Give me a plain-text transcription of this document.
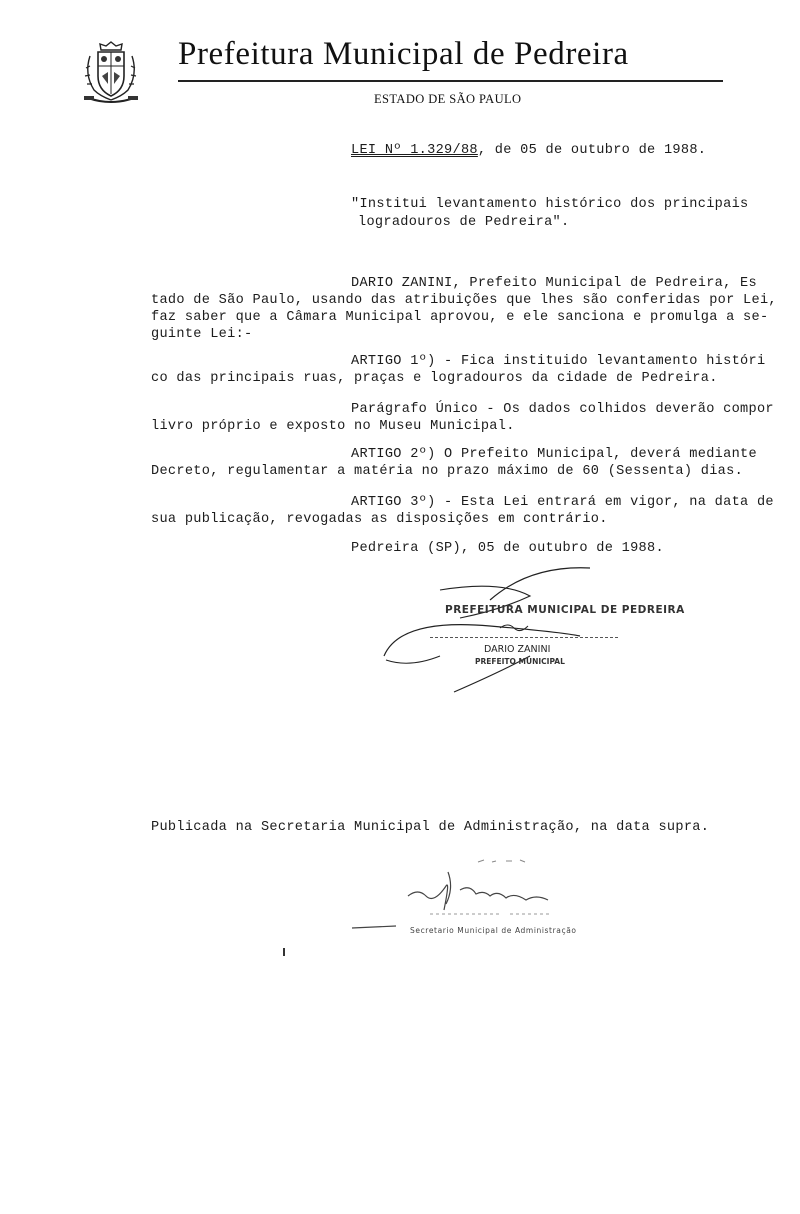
Prefeitura Municipal de Pedreira
ESTADO DE SÃO PAULO
LEI Nº 1.329/88, de 05 de outubro de 1988.
"Institui levantamento histórico dos principais
logradouros de Pedreira".
DARIO ZANINI, Prefeito Municipal de Pedreira, Es
tado de São Paulo, usando das atribuições que lhes são conferidas por Lei,
faz saber que a Câmara Municipal aprovou, e ele sanciona e promulga a se-
guinte Lei:-
ARTIGO 1º) - Fica instituido levantamento históri
co das principais ruas, praças e logradouros da cidade de Pedreira.
Parágrafo Único - Os dados colhidos deverão compor
livro próprio e exposto no Museu Municipal.
ARTIGO 2º) O Prefeito Municipal, deverá mediante
Decreto, regulamentar a matéria no prazo máximo de 60 (Sessenta) dias.
ARTIGO 3º) - Esta Lei entrará em vigor, na data de
sua publicação, revogadas as disposições em contrário.
Pedreira (SP), 05 de outubro de 1988.
PREFEITURA MUNICIPAL DE PEDREIRA
DARIO ZANINI
PREFEITO MUNICIPAL
Publicada na Secretaria Municipal de Administração, na data supra.
Secretario Municipal de Administração
